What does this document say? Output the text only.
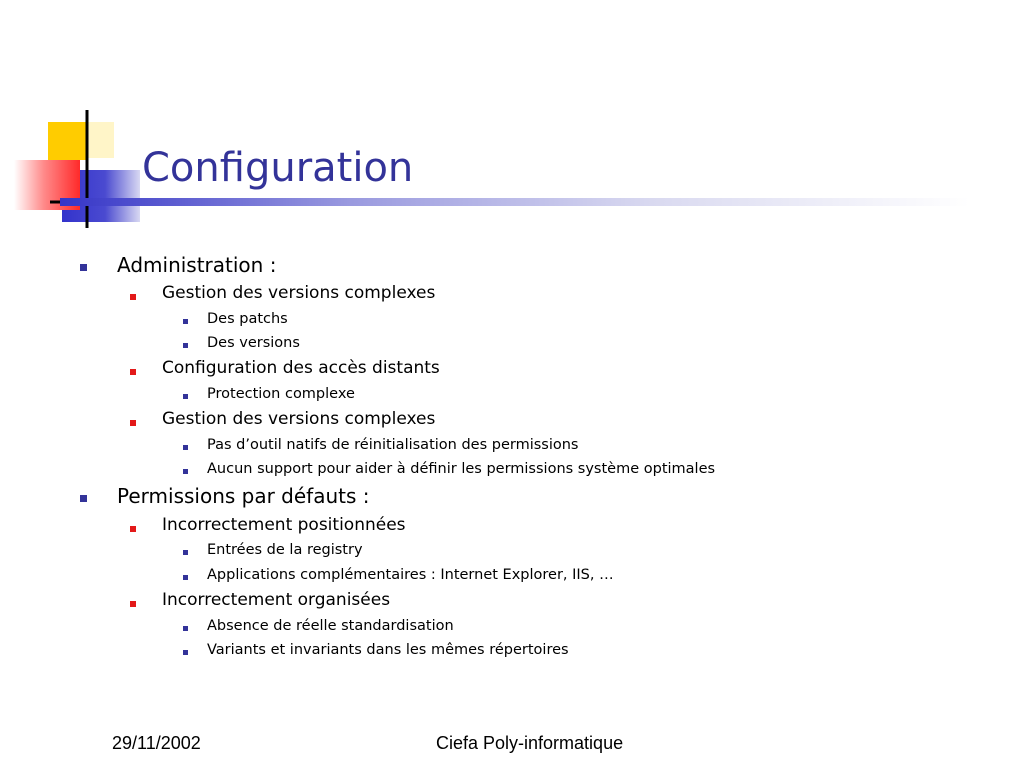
Configuration
Administration :
Gestion des versions complexes
Des patchs
Des versions
Configuration des accès distants
Protection complexe
Gestion des versions complexes
Pas d’outil natifs de réinitialisation des permissions
Aucun support pour aider à définir les permissions système optimales
Permissions par défauts :
Incorrectement positionnées
Entrées de la registry
Applications complémentaires : Internet Explorer, IIS, …
Incorrectement organisées
Absence de réelle standardisation
Variants et invariants dans les mêmes répertoires
29/11/2002	Ciefa Poly-informatique
